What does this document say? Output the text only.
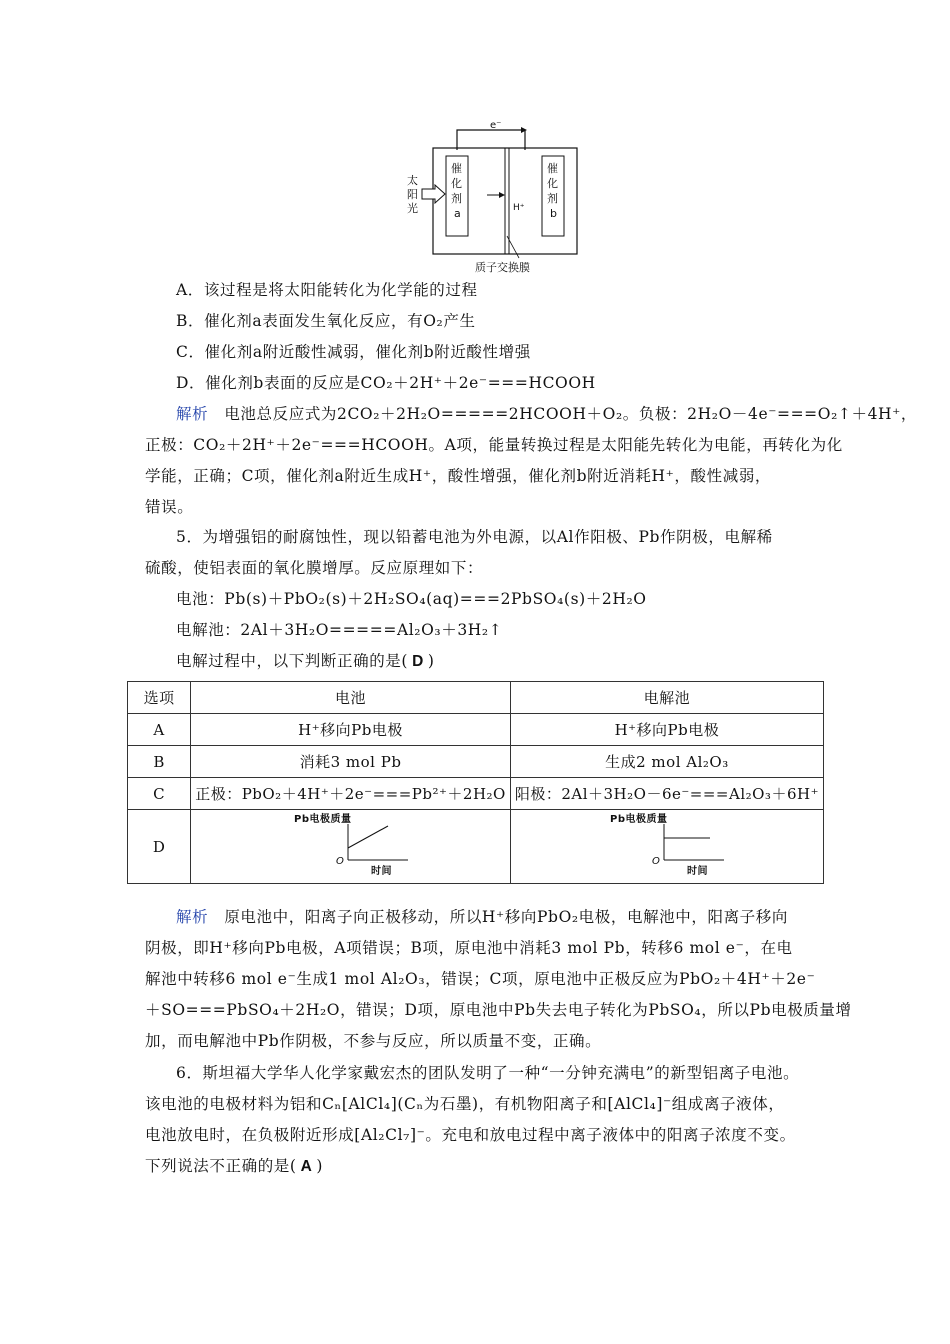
e⁻
催
化
剂
a
催
化
剂
b
太
阳
光	H⁺
质子交换膜
A．该过程是将太阳能转化为化学能的过程
B．催化剂a表面发生氧化反应，有O₂产生
C．催化剂a附近酸性减弱，催化剂b附近酸性增强
D．催化剂b表面的反应是CO₂＋2H⁺＋2e⁻===HCOOH
解析　 电池总反应式为2CO₂＋2H₂O=====2HCOOH＋O₂。负极：2H₂O－4e⁻===O₂↑＋4H⁺，
正极：CO₂＋2H⁺＋2e⁻===HCOOH。A项，能量转换过程是太阳能先转化为电能，再转化为化
学能，正确；C项，催化剂a附近生成H⁺，酸性增强，催化剂b附近消耗H⁺，酸性减弱，
错误。
5．为增强铝的耐腐蚀性，现以铅蓄电池为外电源，以Al作阳极、Pb作阴极，电解稀
硫酸，使铝表面的氧化膜增厚。反应原理如下：
电池：Pb(s)＋PbO₂(s)＋2H₂SO₄(aq)===2PbSO₄(s)＋2H₂O
电解池：2Al＋3H₂O=====Al₂O₃＋3H₂↑
电解过程中，以下判断正确的是( D )
选项	电池	电解池
A	H⁺移向Pb电极	H⁺移向Pb电极
B	消耗3 mol Pb	生成2 mol Al₂O₃
C	正极：PbO₂＋4H⁺＋2e⁻===Pb²⁺＋2H₂O	阳极：2Al＋3H₂O－6e⁻===Al₂O₃＋6H⁺
D	Pb电极质量
O
时间	Pb电极质量
O
时间
解析　 原电池中，阳离子向正极移动，所以H⁺移向PbO₂电极，电解池中，阳离子移向
阴极，即H⁺移向Pb电极，A项错误；B项，原电池中消耗3 mol Pb，转移6 mol e⁻，在电
解池中转移6 mol e⁻生成1 mol Al₂O₃，错误；C项，原电池中正极反应为PbO₂＋4H⁺＋2e⁻
＋SO===PbSO₄＋2H₂O，错误；D项，原电池中Pb失去电子转化为PbSO₄，所以Pb电极质量增
加，而电解池中Pb作阴极，不参与反应，所以质量不变，正确。
6．斯坦福大学华人化学家戴宏杰的团队发明了一种“一分钟充满电”的新型铝离子电池。
该电池的电极材料为铝和Cₙ[AlCl₄](Cₙ为石墨)，有机物阳离子和[AlCl₄]⁻组成离子液体，
电池放电时，在负极附近形成[Al₂Cl₇]⁻。充电和放电过程中离子液体中的阳离子浓度不变。
下列说法不正确的是( A )
